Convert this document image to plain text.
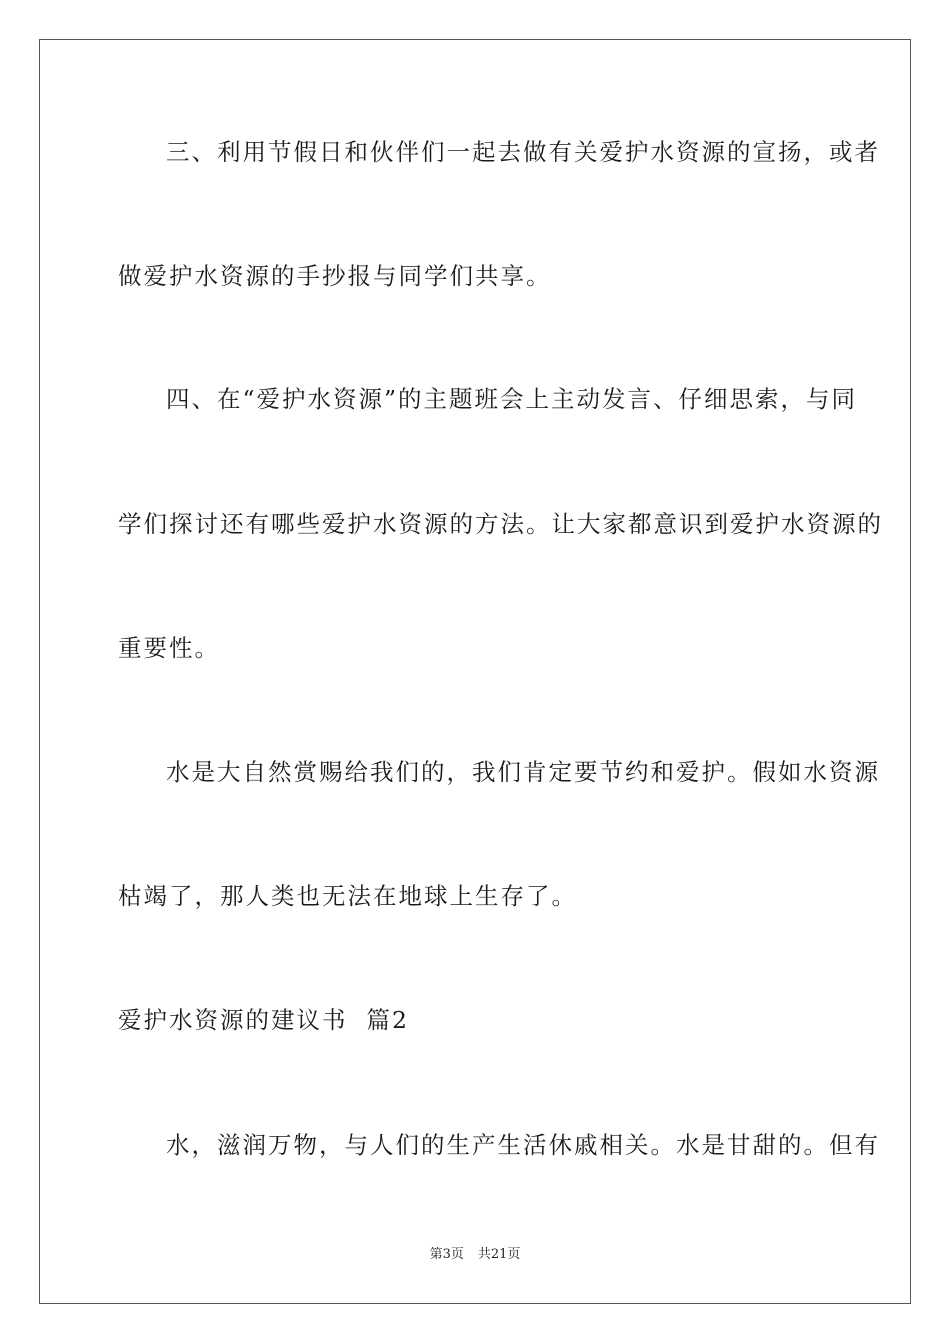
三、利用节假日和伙伴们一起去做有关爱护水资源的宣扬，或者
做爱护水资源的手抄报与同学们共享。
四、在“爱护水资源”的主题班会上主动发言、仔细思索，与同
学们探讨还有哪些爱护水资源的方法。让大家都意识到爱护水资源的
重要性。
水是大自然赏赐给我们的，我们肯定要节约和爱护。假如水资源
枯竭了，那人类也无法在地球上生存了。
爱护水资源的建议书  篇2
水，滋润万物，与人们的生产生活休戚相关。水是甘甜的。但有
第3页 共21页
